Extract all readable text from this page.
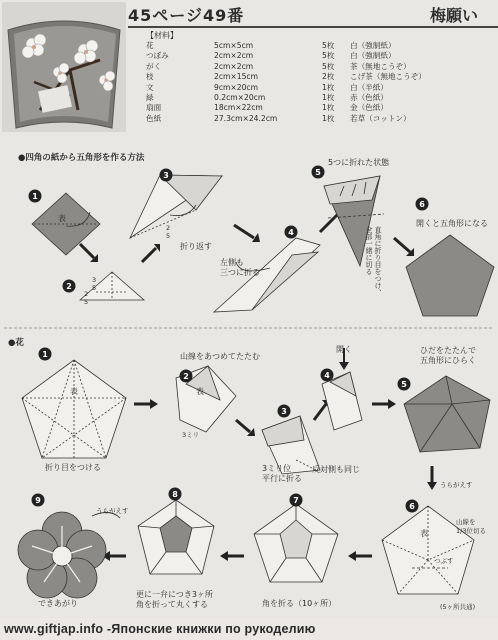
45ページ49番	梅願い
1
2
3
4
5
6
1
2
3
4
5
6
7
8
9
【材料】
花	5cm×5cm	5枚	白（強制紙）
つぼみ	2cm×2cm	5枚	白（強制紙）
がく	2cm×2cm	5枚	茶（無地こうぞ）
枝	2cm×15cm	2枚	こげ茶（無地こうぞ）
文	9cm×20cm	1枚	白（半紙）
緑	0.2cm×20cm	1枚	赤（色紙）
扇面	18cm×22cm	1枚	金（色紙）
色紙	27.3cm×24.2cm	1枚	若草（コットン）
●四角の紙から五角形を作る方法
表
3
5
2
5
2
5
折り返す
左側も
三つに折る
5つに折れた状態
直角に折り目をつけ、
全部一緒に切る
開くと五角形になる
●花
表
折り目をつける
山線をあつめてたたむ
表
3ミリ
3ミリ位
平行に折る
開く
反対側も同じ
ひだをたたんで
五角形にひらく
うらがえす
表
山線を
1/3位切る
つぶす
(5ヶ所共通)
角を折る（10ヶ所）
更に一弁につき3ヶ所
角を折って丸くする
うらがえす
できあがり
www.giftjap.info -Японские книжки по рукоделию
